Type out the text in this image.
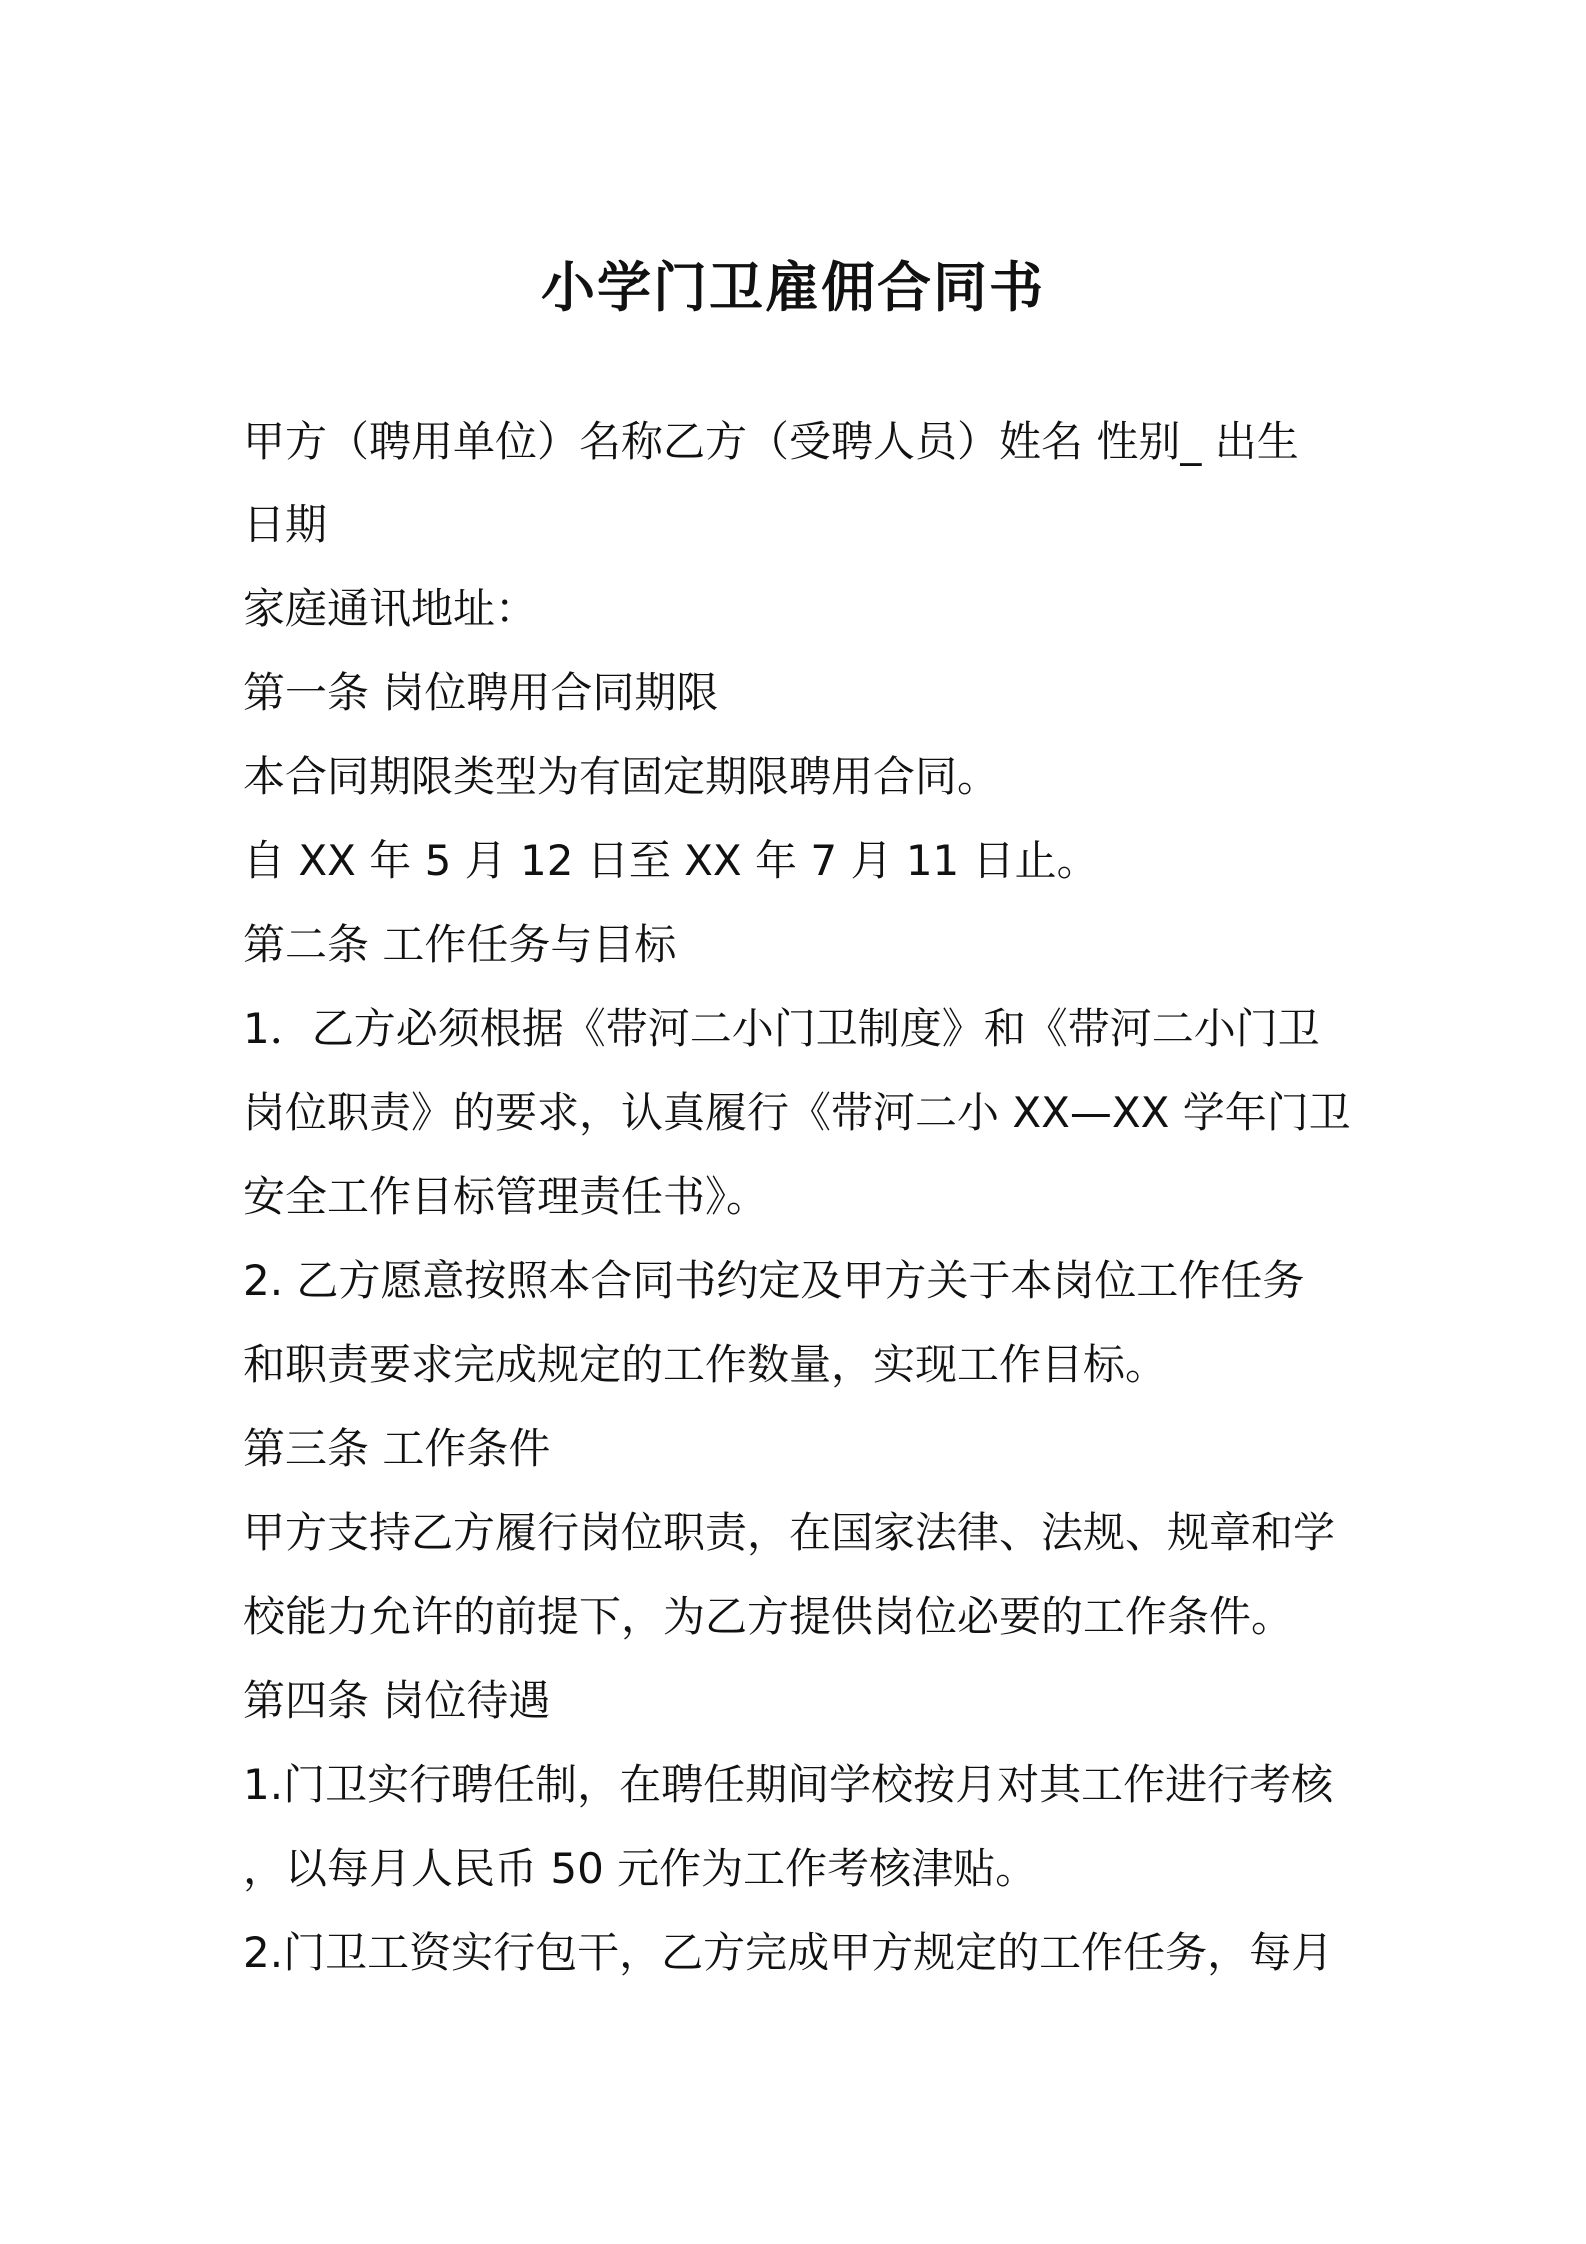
小学门卫雇佣合同书
甲方（聘用单位）名称乙方（受聘人员）姓名 性别_ 出生
日期
家庭通讯地址：
第一条 岗位聘用合同期限
本合同期限类型为有固定期限聘用合同。
自 XX 年 5 月 12 日至 XX 年 7 月 11 日止。
第二条 工作任务与目标
1．乙方必须根据《带河二小门卫制度》和《带河二小门卫
岗位职责》的要求，认真履行《带河二小 XX—XX 学年门卫
安全工作目标管理责任书》。
2. 乙方愿意按照本合同书约定及甲方关于本岗位工作任务
和职责要求完成规定的工作数量，实现工作目标。
第三条 工作条件
甲方支持乙方履行岗位职责，在国家法律、法规、规章和学
校能力允许的前提下，为乙方提供岗位必要的工作条件。
第四条 岗位待遇
1.门卫实行聘任制，在聘任期间学校按月对其工作进行考核
，以每月人民币 50 元作为工作考核津贴。
2.门卫工资实行包干，乙方完成甲方规定的工作任务，每月
